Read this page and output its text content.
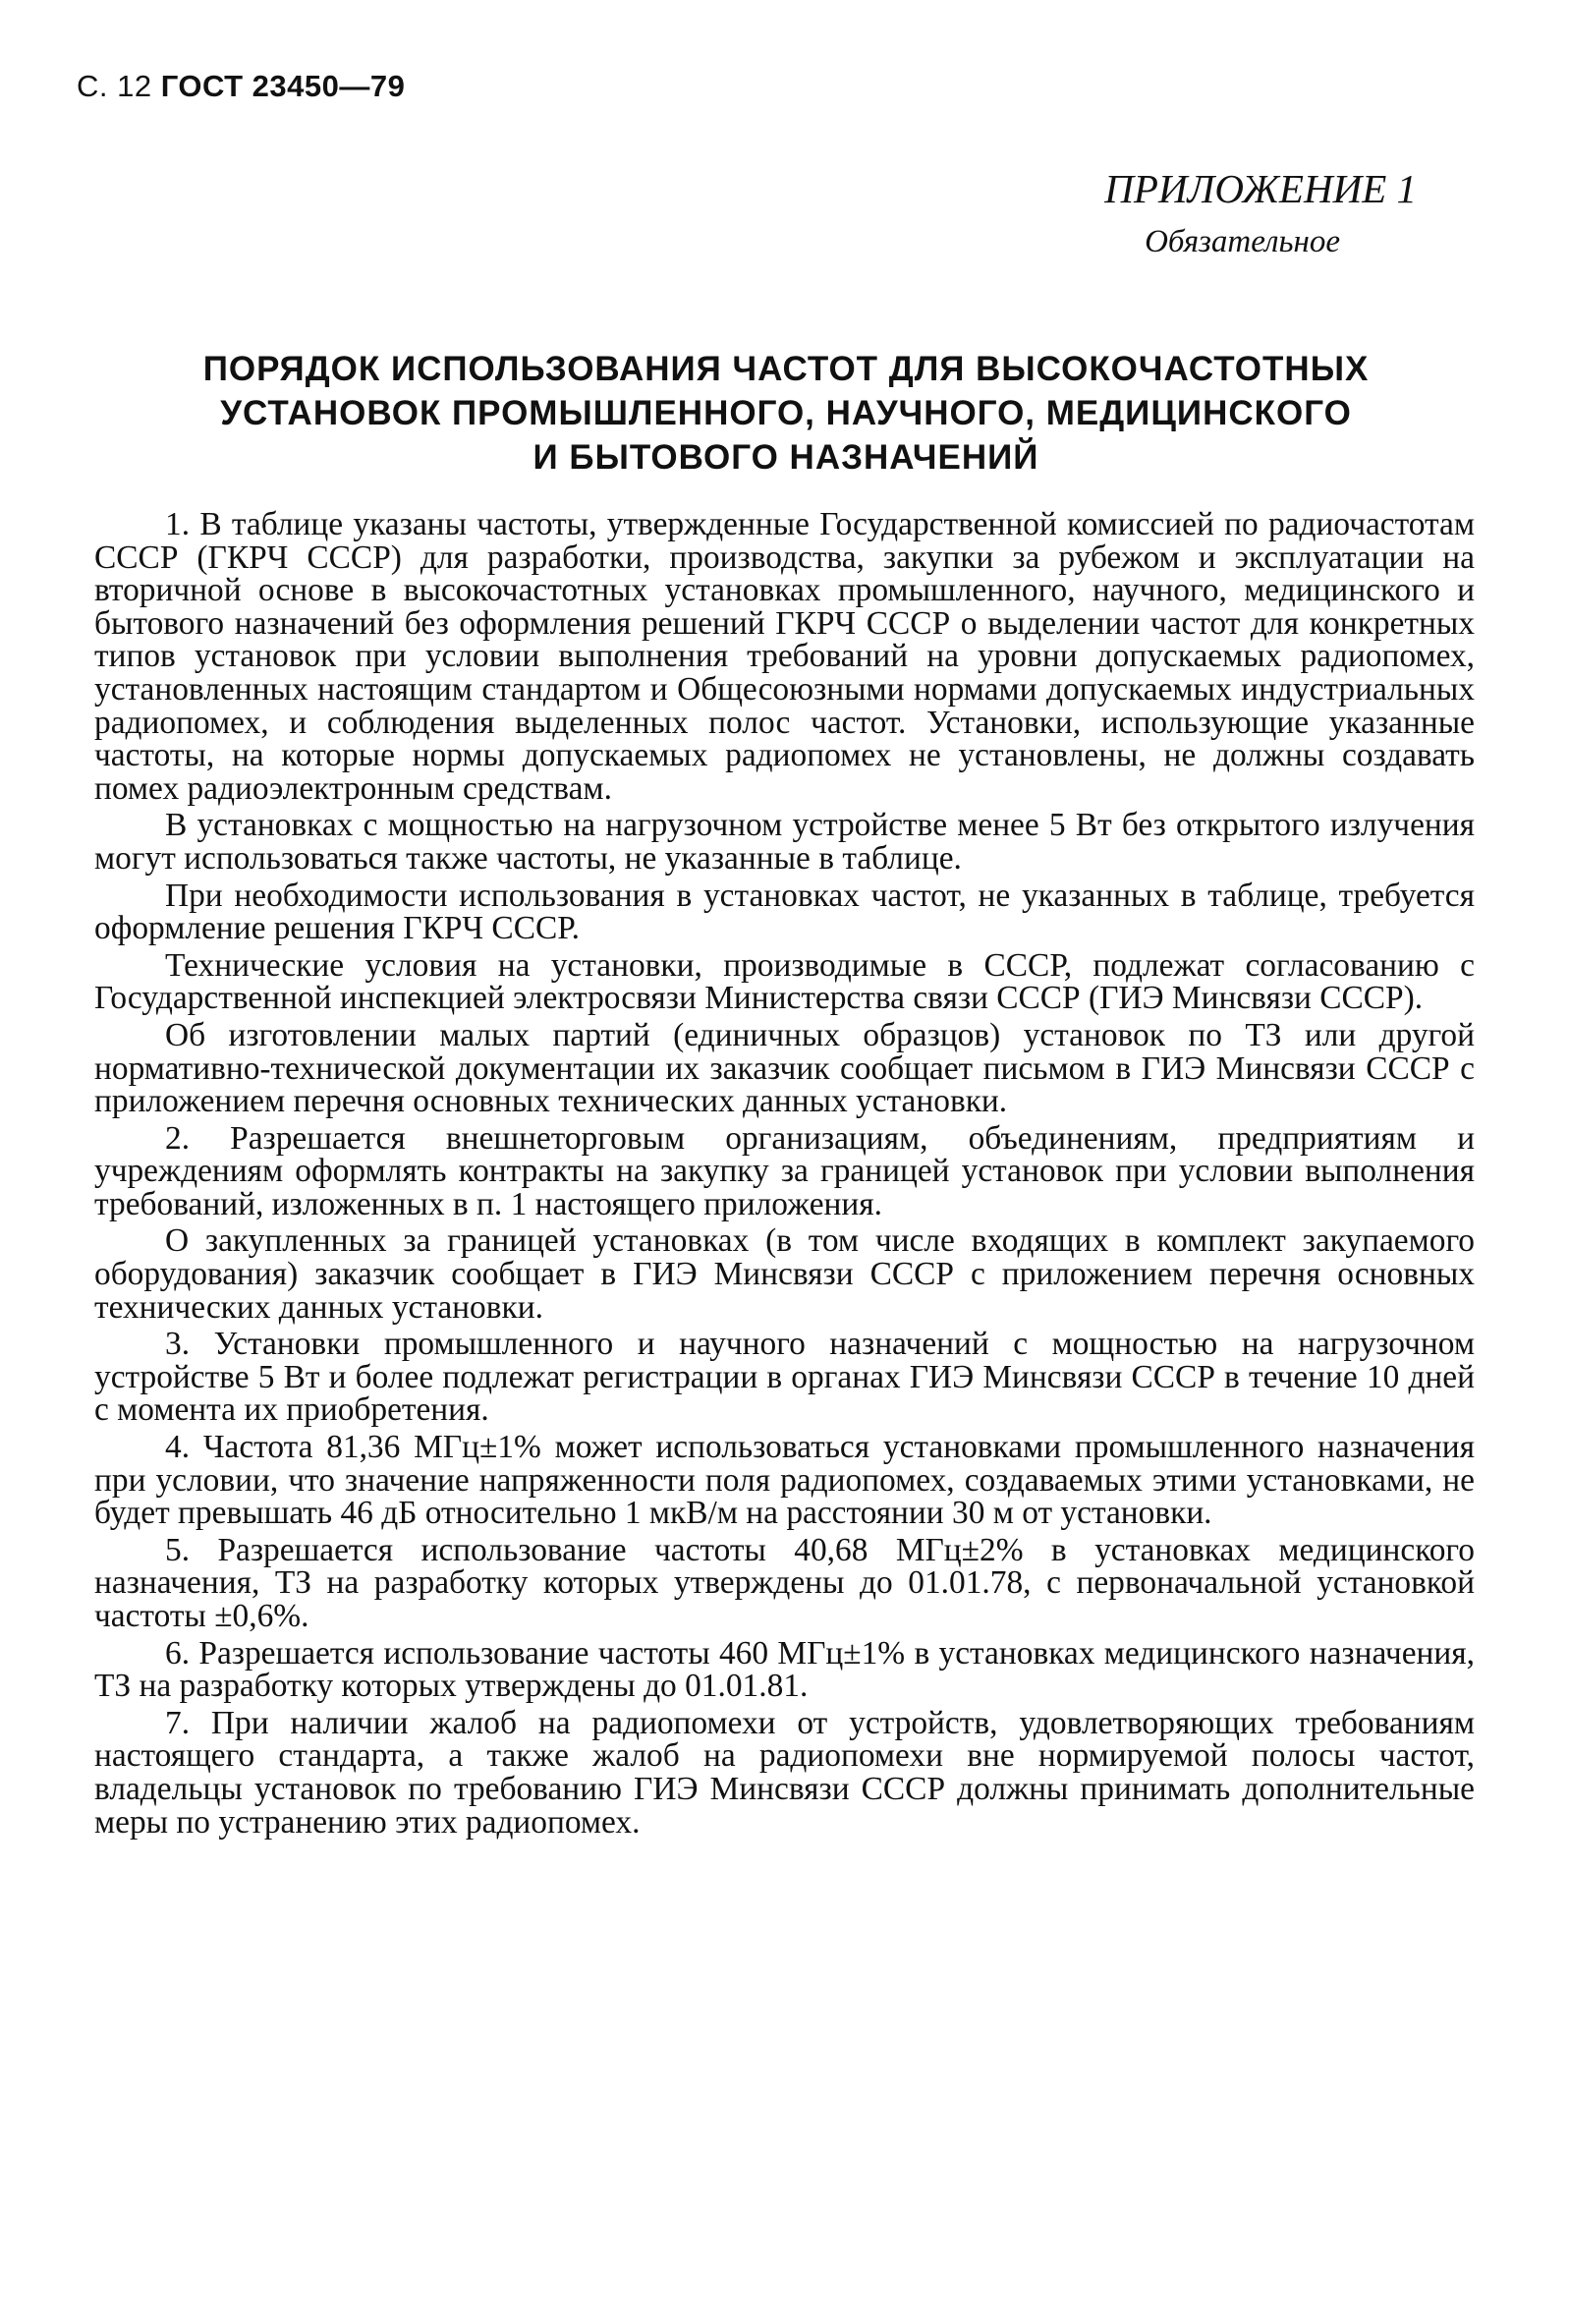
С. 12 ГОСТ 23450—79
ПРИЛОЖЕНИЕ 1
Обязательное
ПОРЯДОК ИСПОЛЬЗОВАНИЯ ЧАСТОТ ДЛЯ ВЫСОКОЧАСТОТНЫХ
УСТАНОВОК ПРОМЫШЛЕННОГО, НАУЧНОГО, МЕДИЦИНСКОГО
И БЫТОВОГО НАЗНАЧЕНИЙ

1. В таблице указаны частоты, утвержденные Государственной комиссией по радиочастотам СССР (ГКРЧ СССР) для разработки, производства, закупки за рубежом и эксплуатации на вторичной основе в высокочастотных установках промышленного, научного, медицинского и бытового назначений без оформления решений ГКРЧ СССР о выделении частот для конкретных типов установок при условии выполнения требований на уровни допускаемых радиопомех, установленных настоящим стандартом и Общесоюзными нормами допускаемых индустриальных радиопомех, и соблюдения выделенных полос частот. Установки, использующие указанные частоты, на которые нормы допускаемых радиопомех не установлены, не должны создавать помех радиоэлектронным средствам.

В установках с мощностью на нагрузочном устройстве менее 5 Вт без открытого излучения могут использоваться также частоты, не указанные в таблице.

При необходимости использования в установках частот, не указанных в таблице, требуется оформление решения ГКРЧ СССР.

Технические условия на установки, производимые в СССР, подлежат согласованию с Государственной инспекцией электросвязи Министерства связи СССР (ГИЭ Минсвязи СССР).

Об изготовлении малых партий (единичных образцов) установок по ТЗ или другой нормативно-технической документации их заказчик сообщает письмом в ГИЭ Минсвязи СССР с приложением перечня основных технических данных установки.

2. Разрешается внешнеторговым организациям, объединениям, предприятиям и учреждениям оформлять контракты на закупку за границей установок при условии выполнения требований, изложенных в п. 1 настоящего приложения.

О закупленных за границей установках (в том числе входящих в комплект закупаемого оборудования) заказчик сообщает в ГИЭ Минсвязи СССР с приложением перечня основных технических данных установки.

3. Установки промышленного и научного назначений с мощностью на нагрузочном устройстве 5 Вт и более подлежат регистрации в органах ГИЭ Минсвязи СССР в течение 10 дней с момента их приобретения.

4. Частота 81,36 МГц±1% может использоваться установками промышленного назначения при условии, что значение напряженности поля радиопомех, создаваемых этими установками, не будет превышать 46 дБ относительно 1 мкВ/м на расстоянии 30 м от установки.

5. Разрешается использование частоты 40,68 МГц±2% в установках медицинского назначения, ТЗ на разработку которых утверждены до 01.01.78, с первоначальной установкой частоты ±0,6%.

6. Разрешается использование частоты 460 МГц±1% в установках медицинского назначения, ТЗ на разработку которых утверждены до 01.01.81.

7. При наличии жалоб на радиопомехи от устройств, удовлетворяющих требованиям настоящего стандарта, а также жалоб на радиопомехи вне нормируемой полосы частот, владельцы установок по требованию ГИЭ Минсвязи СССР должны принимать дополнительные меры по устранению этих радиопомех.
